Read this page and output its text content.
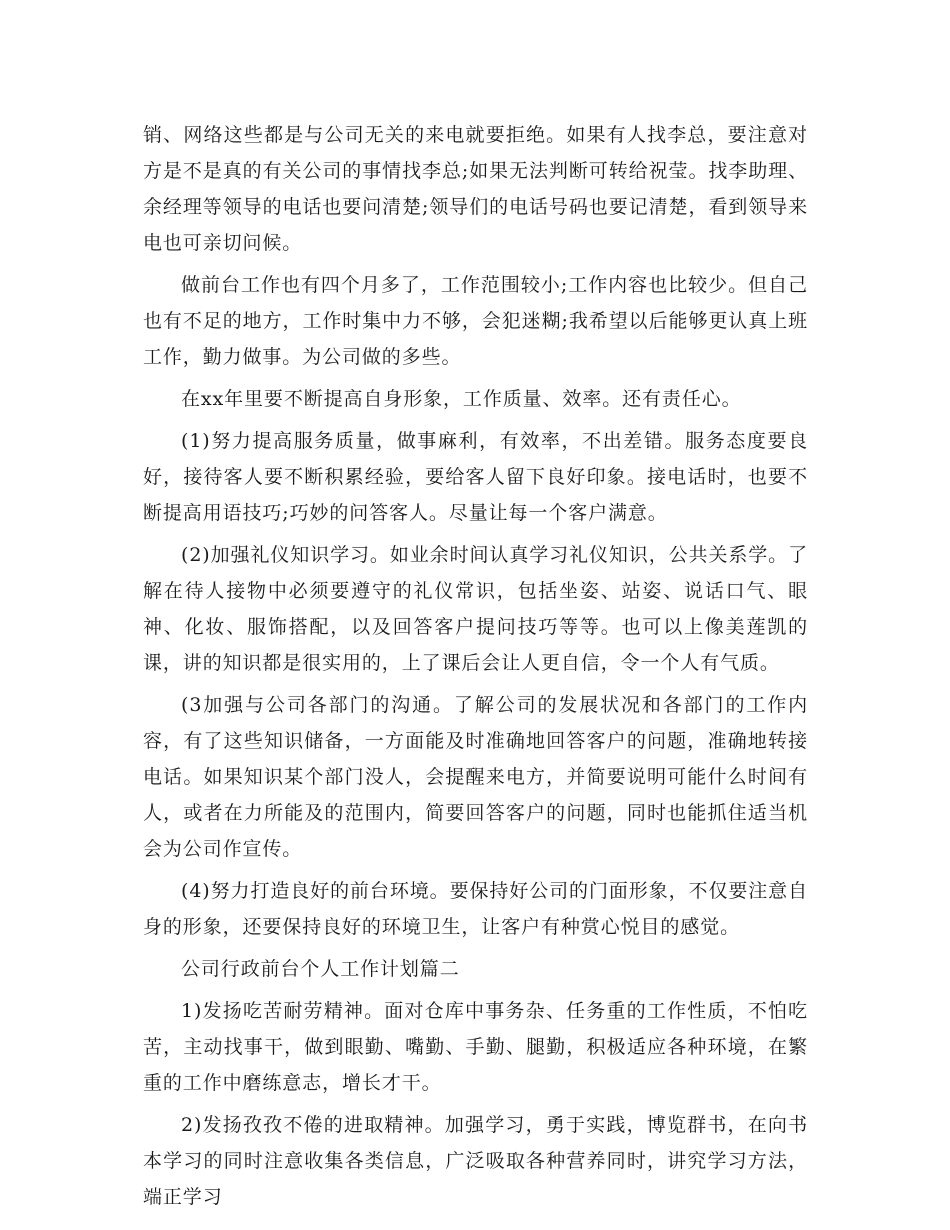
销、网络这些都是与公司无关的来电就要拒绝。如果有人找李总，要注意对方是不是真的有关公司的事情找李总;如果无法判断可转给祝莹。找李助理、余经理等领导的电话也要问清楚;领导们的电话号码也要记清楚，看到领导来电也可亲切问候。

做前台工作也有四个月多了，工作范围较小;工作内容也比较少。但自己也有不足的地方，工作时集中力不够，会犯迷糊;我希望以后能够更认真上班工作，勤力做事。为公司做的多些。

在xx年里要不断提高自身形象，工作质量、效率。还有责任心。

(1)努力提高服务质量，做事麻利，有效率，不出差错。服务态度要良好，接待客人要不断积累经验，要给客人留下良好印象。接电话时，也要不断提高用语技巧;巧妙的问答客人。尽量让每一个客户满意。

(2)加强礼仪知识学习。如业余时间认真学习礼仪知识，公共关系学。了解在待人接物中必须要遵守的礼仪常识，包括坐姿、站姿、说话口气、眼神、化妆、服饰搭配，以及回答客户提问技巧等等。也可以上像美莲凯的课，讲的知识都是很实用的，上了课后会让人更自信，令一个人有气质。

(3加强与公司各部门的沟通。了解公司的发展状况和各部门的工作内容，有了这些知识储备，一方面能及时准确地回答客户的问题，准确地转接电话。如果知识某个部门没人，会提醒来电方，并简要说明可能什么时间有人，或者在力所能及的范围内，简要回答客户的问题，同时也能抓住适当机会为公司作宣传。

(4)努力打造良好的前台环境。要保持好公司的门面形象，不仅要注意自身的形象，还要保持良好的环境卫生，让客户有种赏心悦目的感觉。

公司行政前台个人工作计划篇二

1)发扬吃苦耐劳精神。面对仓库中事务杂、任务重的工作性质，不怕吃苦，主动找事干，做到眼勤、嘴勤、手勤、腿勤，积极适应各种环境，在繁重的工作中磨练意志，增长才干。

2)发扬孜孜不倦的进取精神。加强学习，勇于实践，博览群书，在向书本学习的同时注意收集各类信息，广泛吸取各种营养同时，讲究学习方法，端正学习
